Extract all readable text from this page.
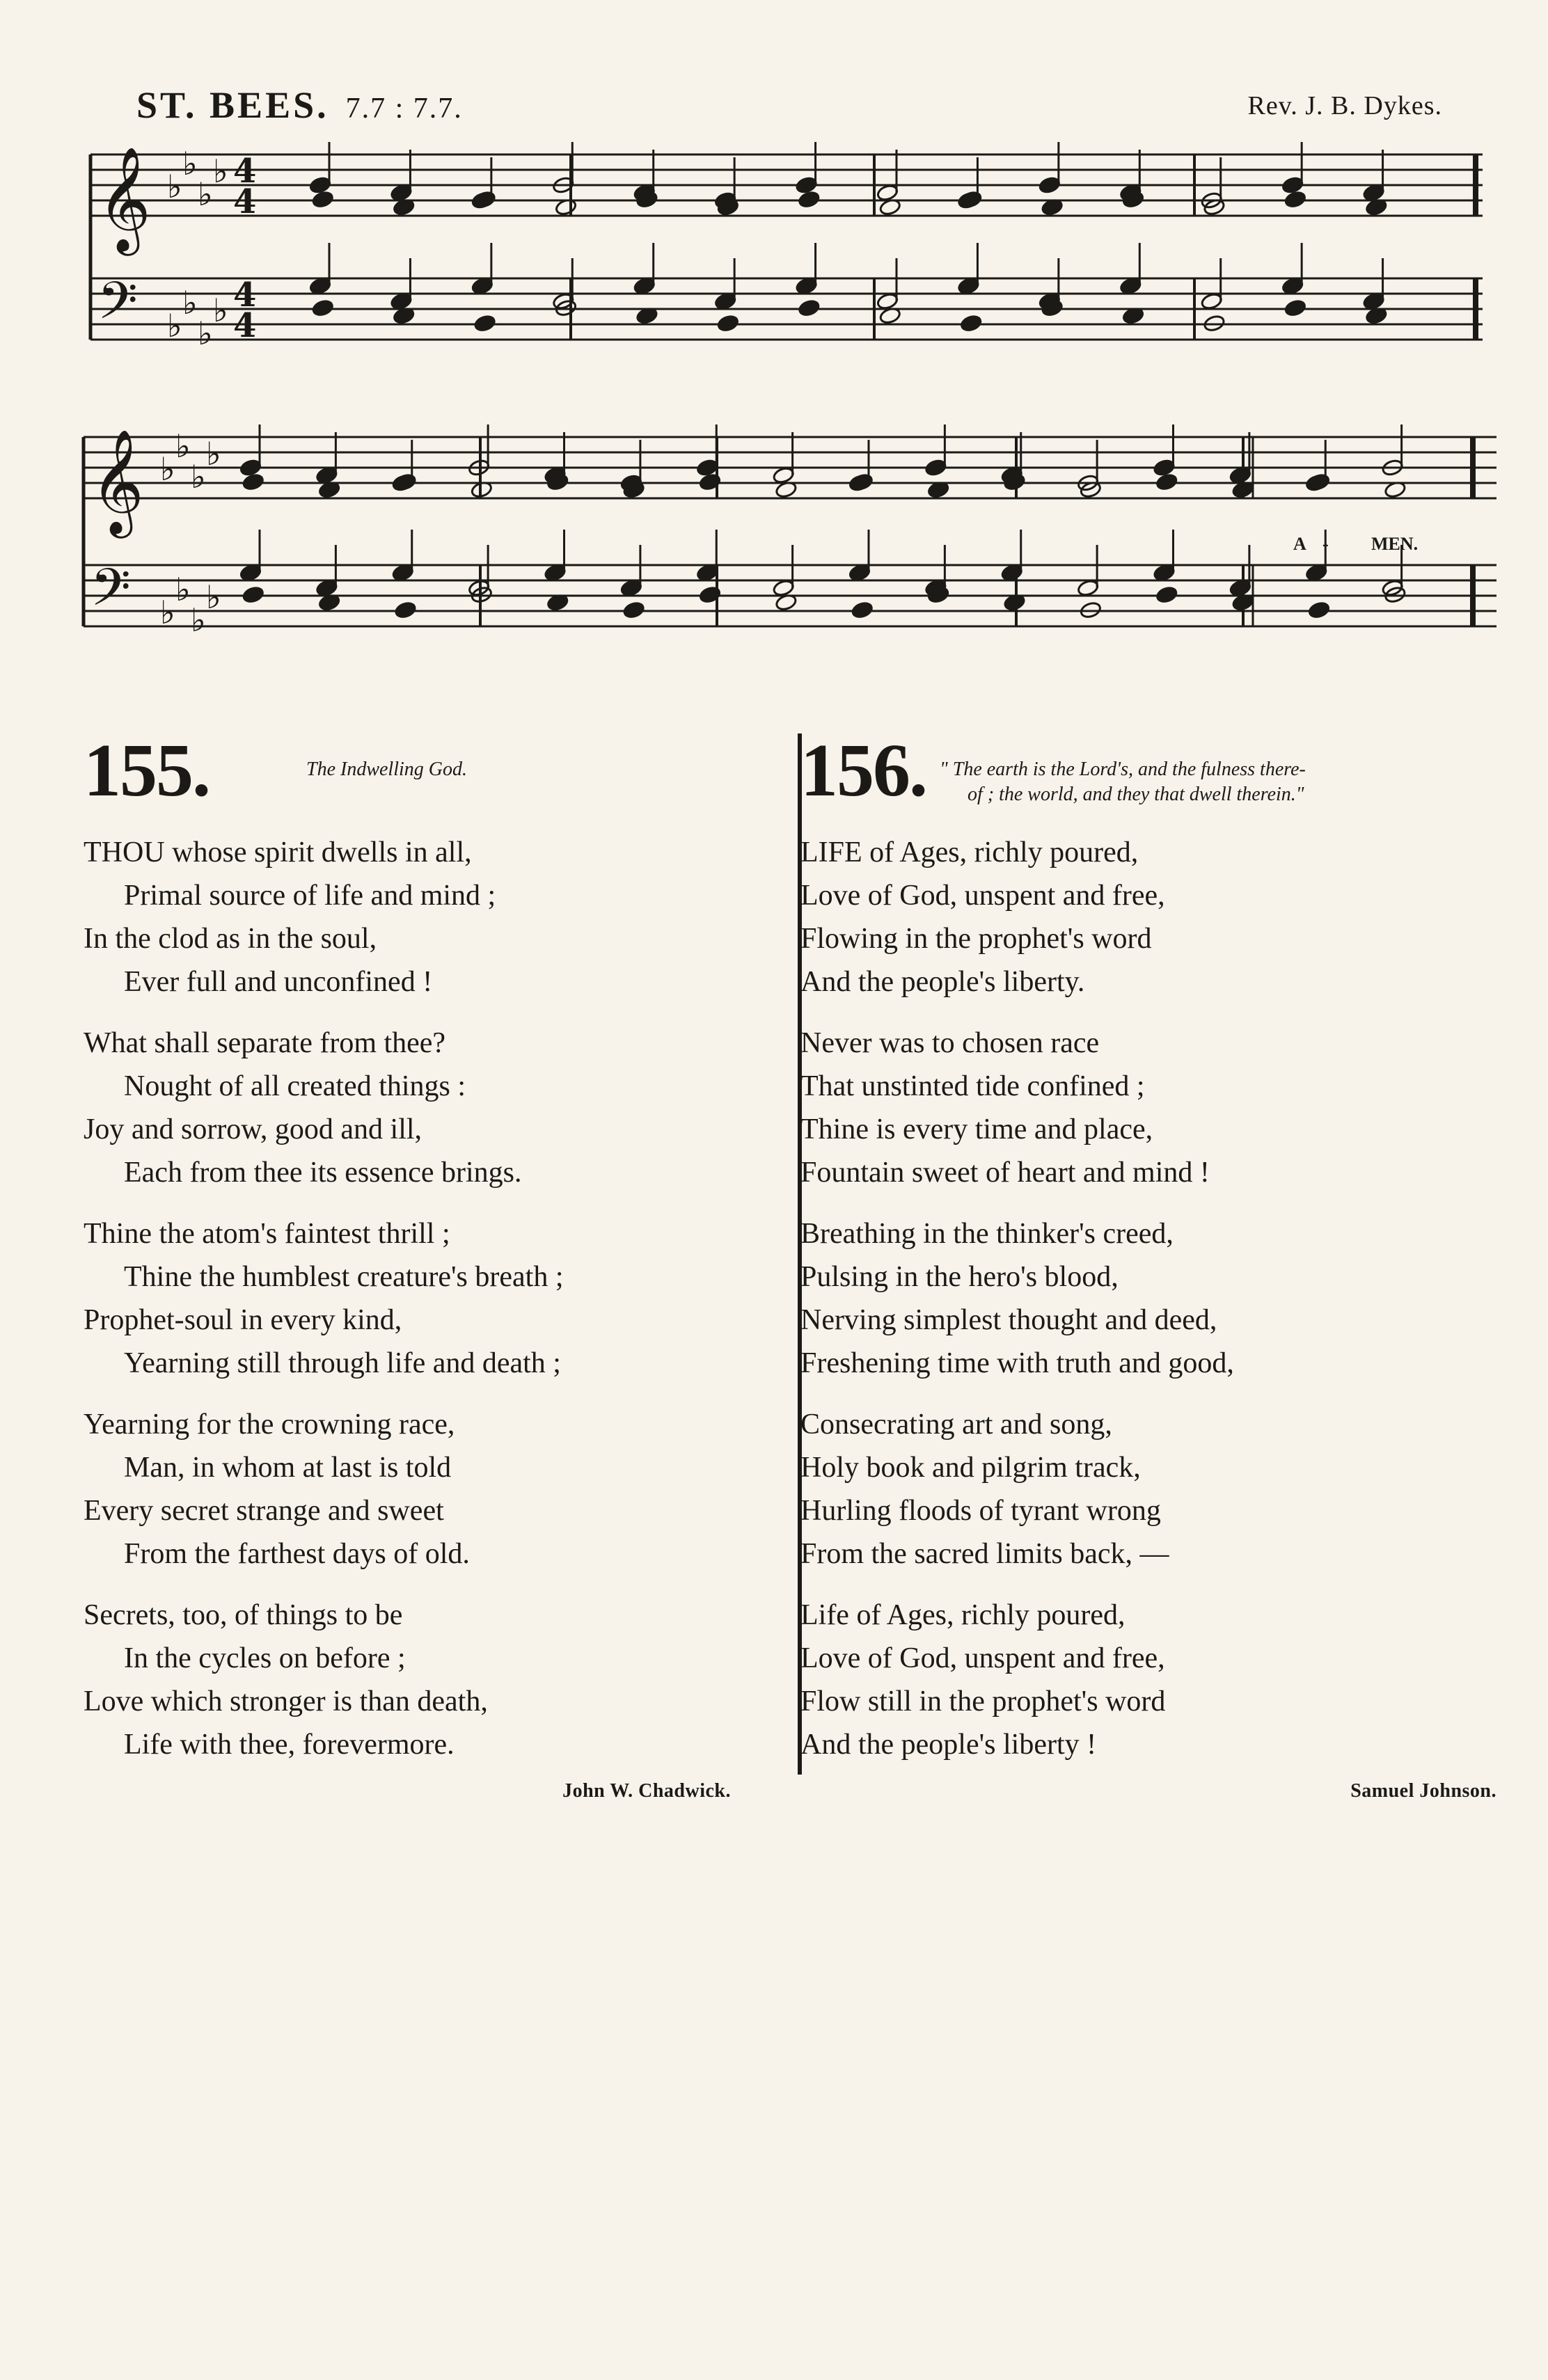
ST. BEES. 7.7 : 7.7.	Rev. J. B. Dykes.
𝄞
𝄢
♭
♭
♭
♭
♭
♭
♭
♭
4
4
4
4
𝄞
𝄢
♭
♭
♭
♭
♭
♭
♭
♭
A - MEN.
155.	The Indwelling God.
THOU whose spirit dwells in all,
Primal source of life and mind ;
In the clod as in the soul,
Ever full and unconfined !
What shall separate from thee?
Nought of all created things :
Joy and sorrow, good and ill,
Each from thee its essence brings.
Thine the atom's faintest thrill ;
Thine the humblest creature's breath ;
Prophet-soul in every kind,
Yearning still through life and death ;
Yearning for the crowning race,
Man, in whom at last is told
Every secret strange and sweet
From the farthest days of old.
Secrets, too, of things to be
In the cycles on before ;
Love which stronger is than death,
Life with thee, forevermore.
John W. Chadwick.
156. " The earth is the Lord's, and the fulness there-
of ; the world, and they that dwell therein."
LIFE of Ages, richly poured,
Love of God, unspent and free,
Flowing in the prophet's word
And the people's liberty.
Never was to chosen race
That unstinted tide confined ;
Thine is every time and place,
Fountain sweet of heart and mind !
Breathing in the thinker's creed,
Pulsing in the hero's blood,
Nerving simplest thought and deed,
Freshening time with truth and good,
Consecrating art and song,
Holy book and pilgrim track,
Hurling floods of tyrant wrong
From the sacred limits back, —
Life of Ages, richly poured,
Love of God, unspent and free,
Flow still in the prophet's word
And the people's liberty !
Samuel Johnson.
